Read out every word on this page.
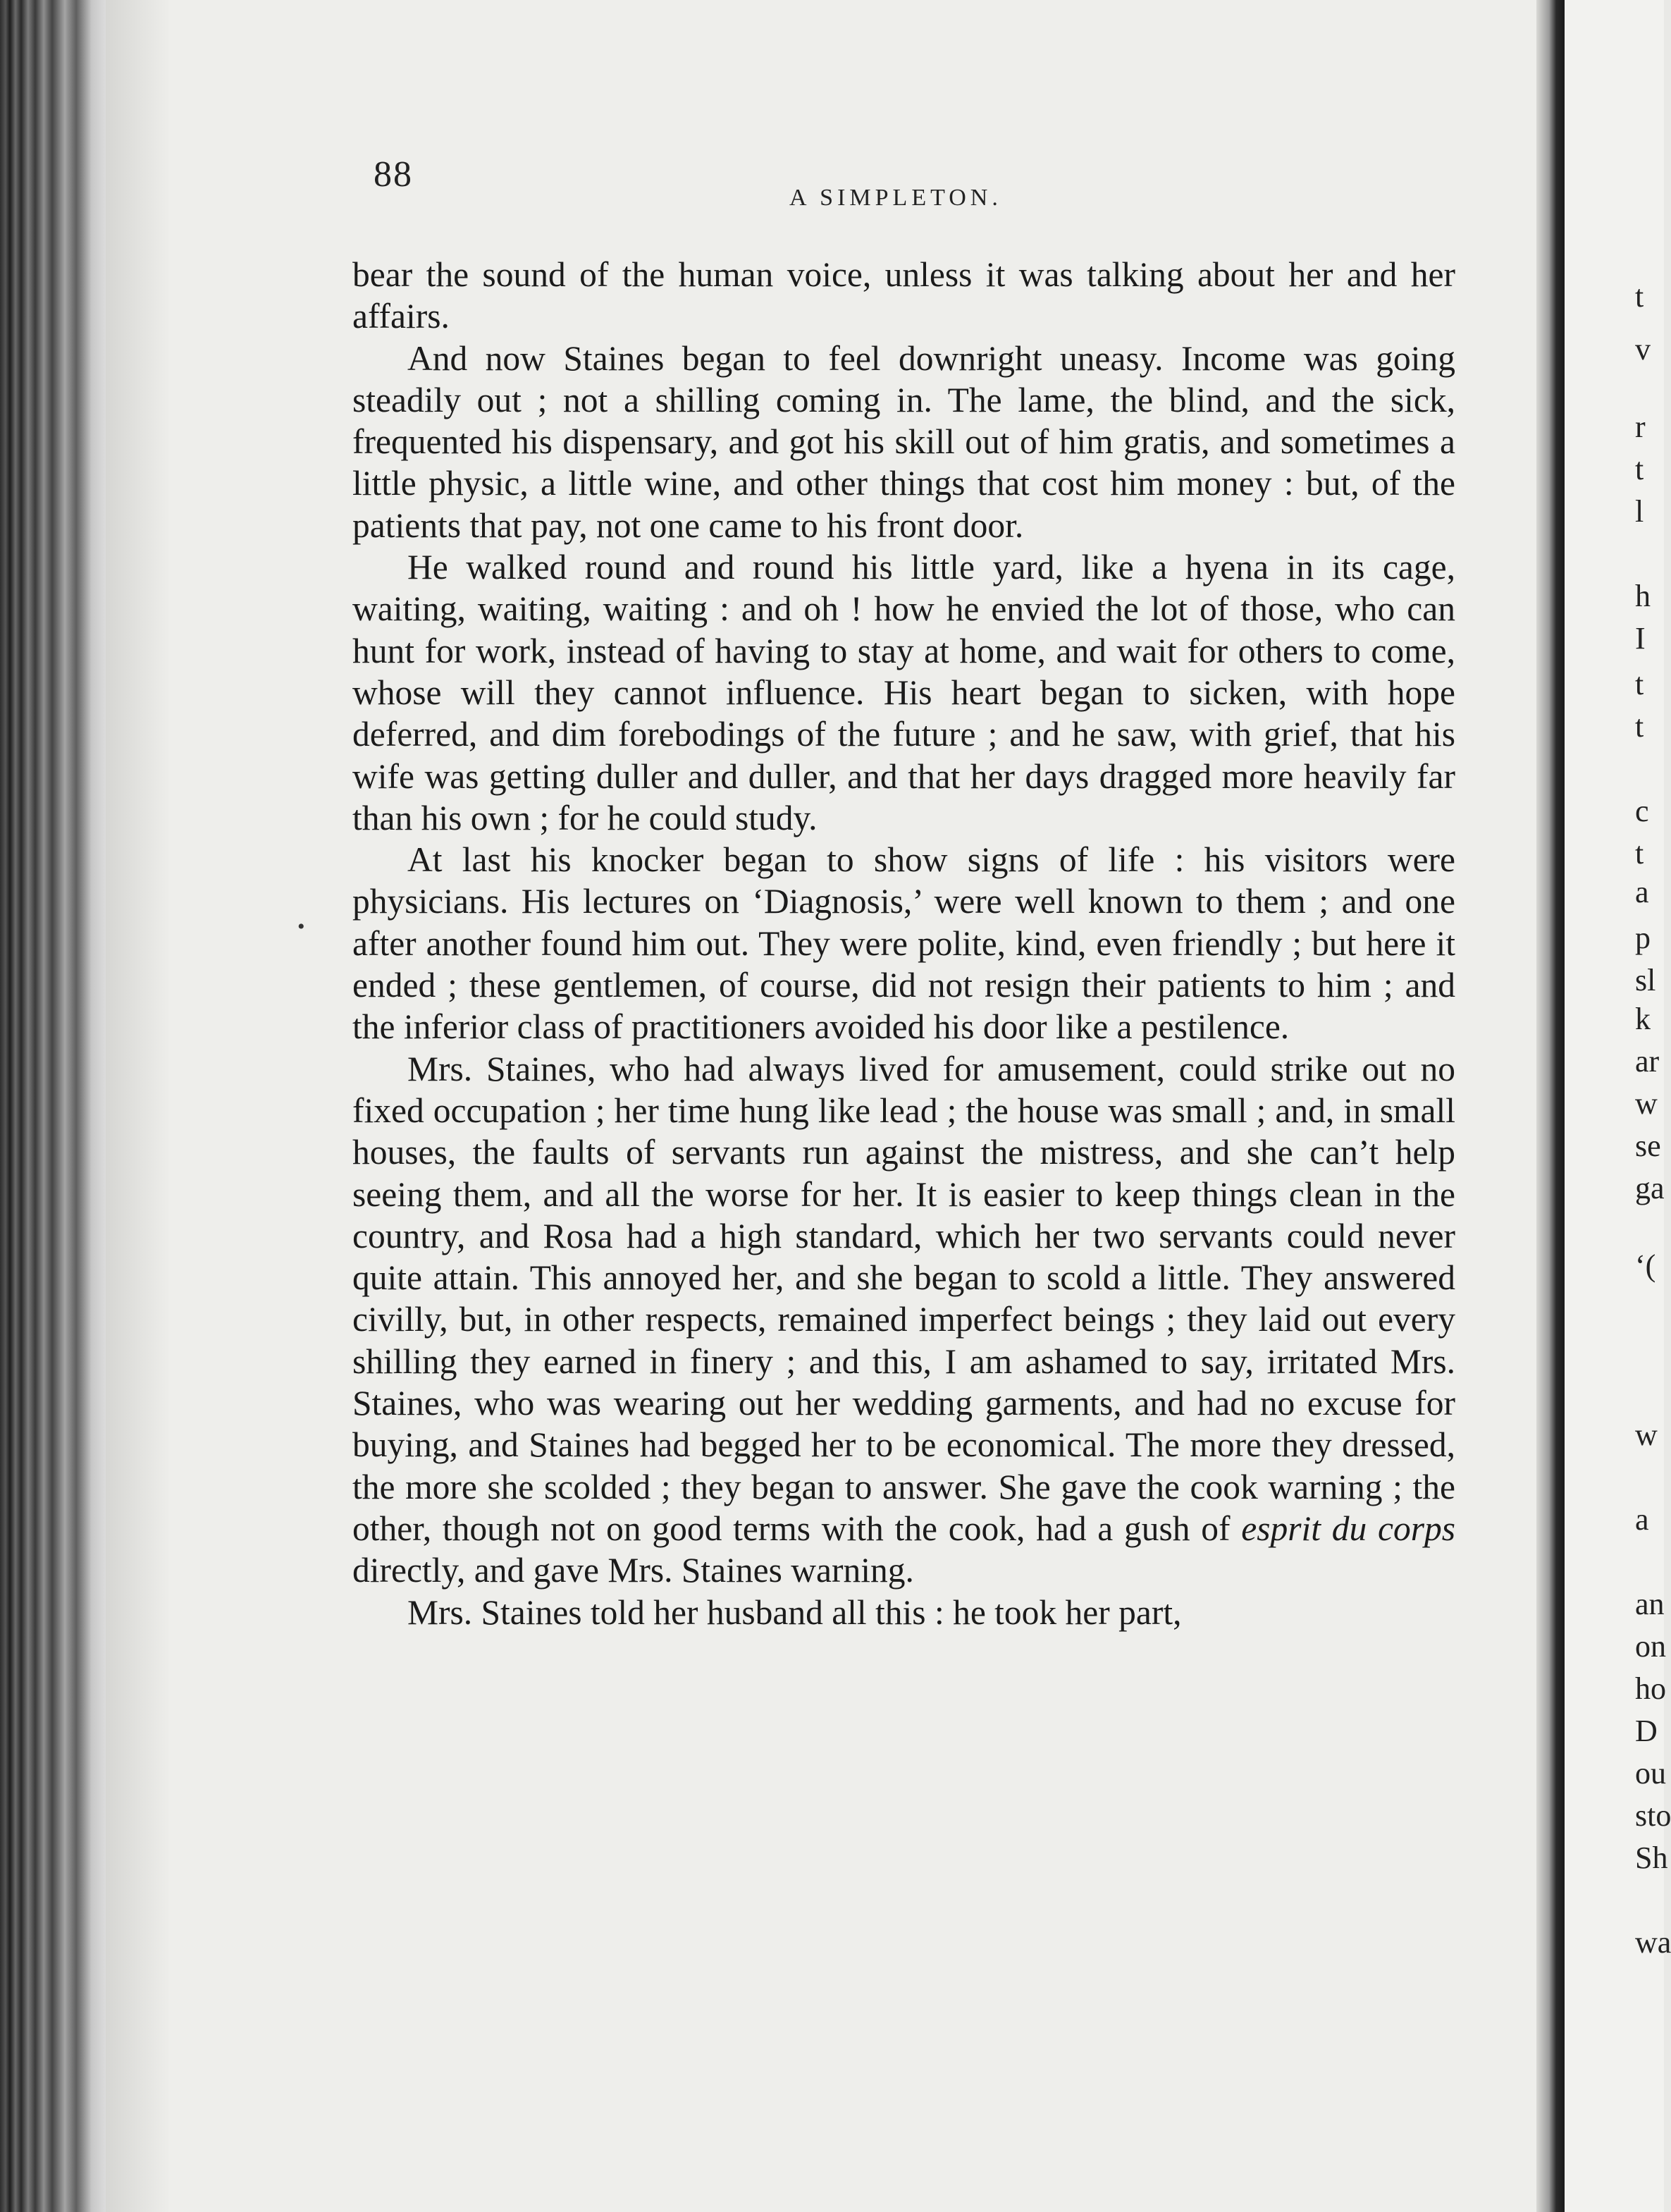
88
A SIMPLETON.

bear the sound of the human voice, unless it was talking about her and her affairs.

And now Staines began to feel downright uneasy. Income was going steadily out ; not a shilling coming in. The lame, the blind, and the sick, frequented his dispensary, and got his skill out of him gratis, and sometimes a little physic, a little wine, and other things that cost him money : but, of the patients that pay, not one came to his front door.

He walked round and round his little yard, like a hyena in its cage, waiting, waiting, waiting : and oh ! how he envied the lot of those, who can hunt for work, instead of having to stay at home, and wait for others to come, whose will they cannot influence. His heart began to sicken, with hope deferred, and dim forebodings of the future ; and he saw, with grief, that his wife was getting duller and duller, and that her days dragged more heavily far than his own ; for he could study.

At last his knocker began to show signs of life : his visitors were physicians. His lectures on ‘Diagnosis,’ were well known to them ; and one after another found him out. They were polite, kind, even friendly ; but here it ended ; these gentlemen, of course, did not resign their patients to him ; and the inferior class of practitioners avoided his door like a pestilence.

Mrs. Staines, who had always lived for amusement, could strike out no fixed occupation ; her time hung like lead ; the house was small ; and, in small houses, the faults of servants run against the mistress, and she can’t help seeing them, and all the worse for her. It is easier to keep things clean in the country, and Rosa had a high standard, which her two servants could never quite attain. This annoyed her, and she began to scold a little. They answered civilly, but, in other respects, remained imperfect beings ; they laid out every shilling they earned in finery ; and this, I am ashamed to say, irritated Mrs. Staines, who was wearing out her wedding garments, and had no excuse for buying, and Staines had begged her to be economical. The more they dressed, the more she scolded ; they began to answer. She gave the cook warning ; the other, though not on good terms with the cook, had a gush of esprit du corps directly, and gave Mrs. Staines warning.

Mrs. Staines told her husband all this : he took her part,

•
t
v
r
t
l
h
I
t
t
c
t
a
p
sl
k
ar
w
se
ga
‘(
w
a
an
on
ho
D
ou
sto
Sh
wa
